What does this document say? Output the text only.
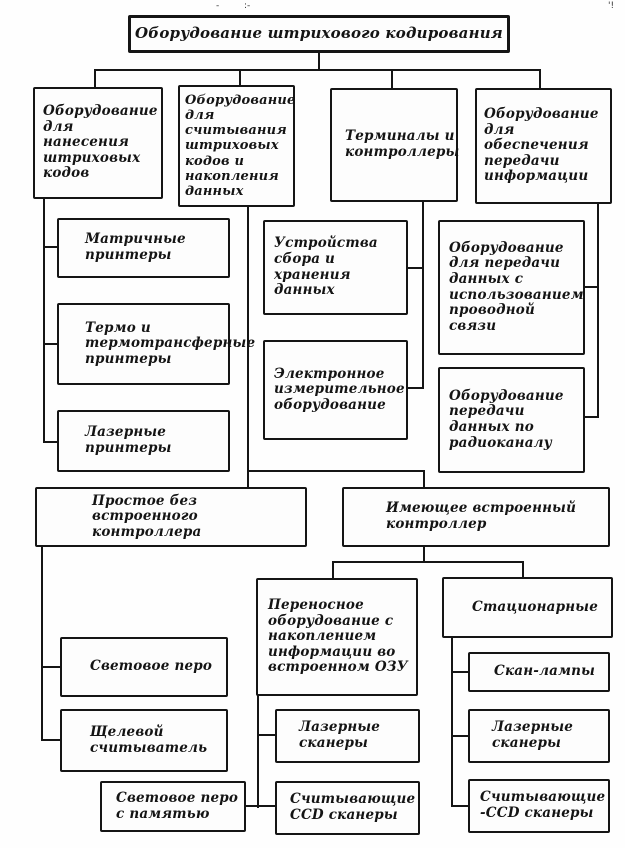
-	:-	'!
Оборудование штрихового кодирования
Оборудование для нанесения штриховых кодов
Оборудование для считывания штриховых кодов и накопления данных
Терминалы и контроллеры
Оборудование для обеспечения передачи информации
Матричные принтеры
Термо и термотрансферные принтеры
Лазерные принтеры
Устройства сбора и хранения данных
Электронное измерительное оборудование
Оборудование для передачи данных с использованием проводной связи
Оборудование передачи данных по радиоканалу
Простое без встроенного контроллера
Имеющее встроенный контроллер
Световое перо
Щелевой считыватель
Переносное оборудование с накоплением информации во встроенном ОЗУ
Стационарные
Световое перо с памятью
Лазерные сканеры
Считывающие CCD сканеры
Скан-лампы
Лазерные сканеры
Считывающие -CCD сканеры
